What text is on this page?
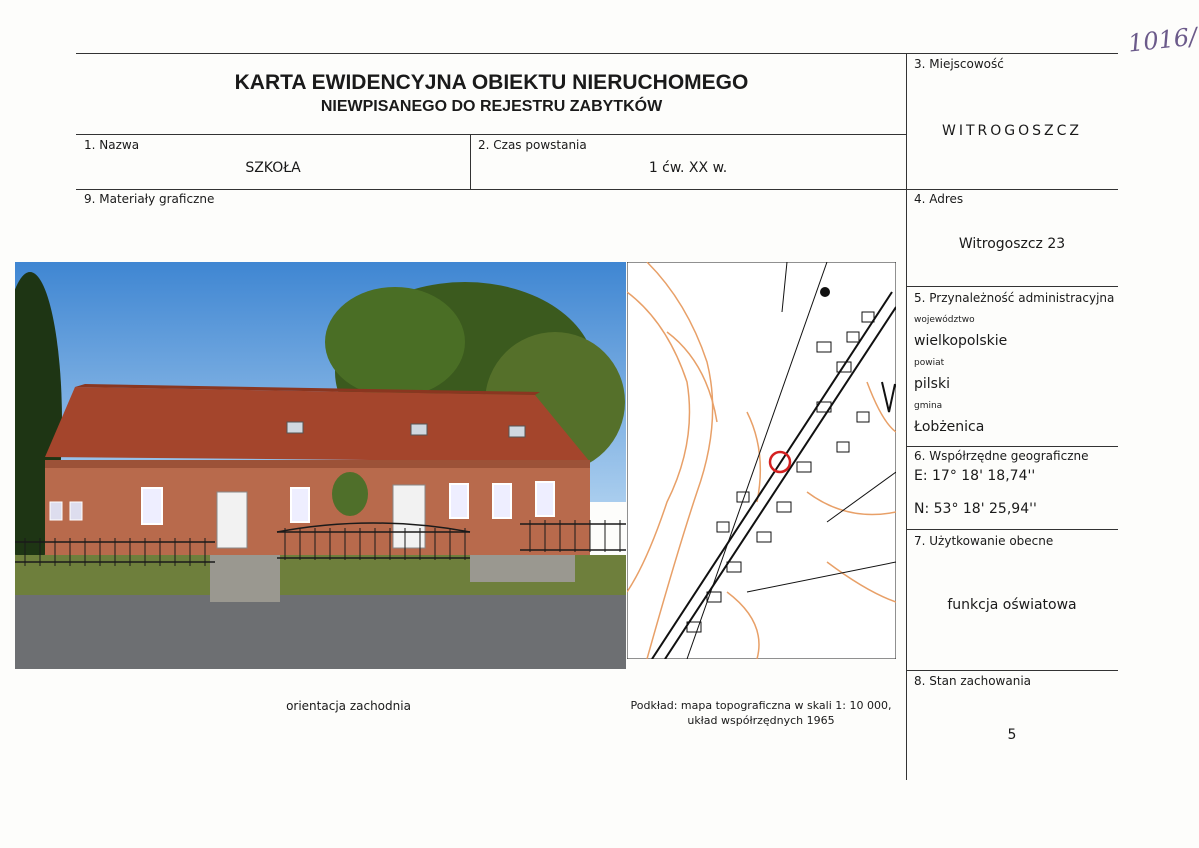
1016/
KARTA EWIDENCYJNA OBIEKTU NIERUCHOMEGO
NIEWPISANEGO DO REJESTRU ZABYTKÓW
1. Nazwa
SZKOŁA
2. Czas powstania
1 ćw. XX w.
3. Miejscowość
WITROGOSZCZ
9. Materiały graficzne	4. Adres
Witrogoszcz 23
5. Przynależność administracyjna
województwo
wielkopolskie
powiat
pilski
gmina
Łobżenica
6. Współrzędne geograficzne
E: 17° 18' 18,74''
N: 53° 18' 25,94''
7. Użytkowanie obecne
funkcja oświatowa
8. Stan zachowania
5
orientacja zachodnia	Podkład: mapa topograficzna w skali 1: 10 000,
układ współrzędnych 1965
